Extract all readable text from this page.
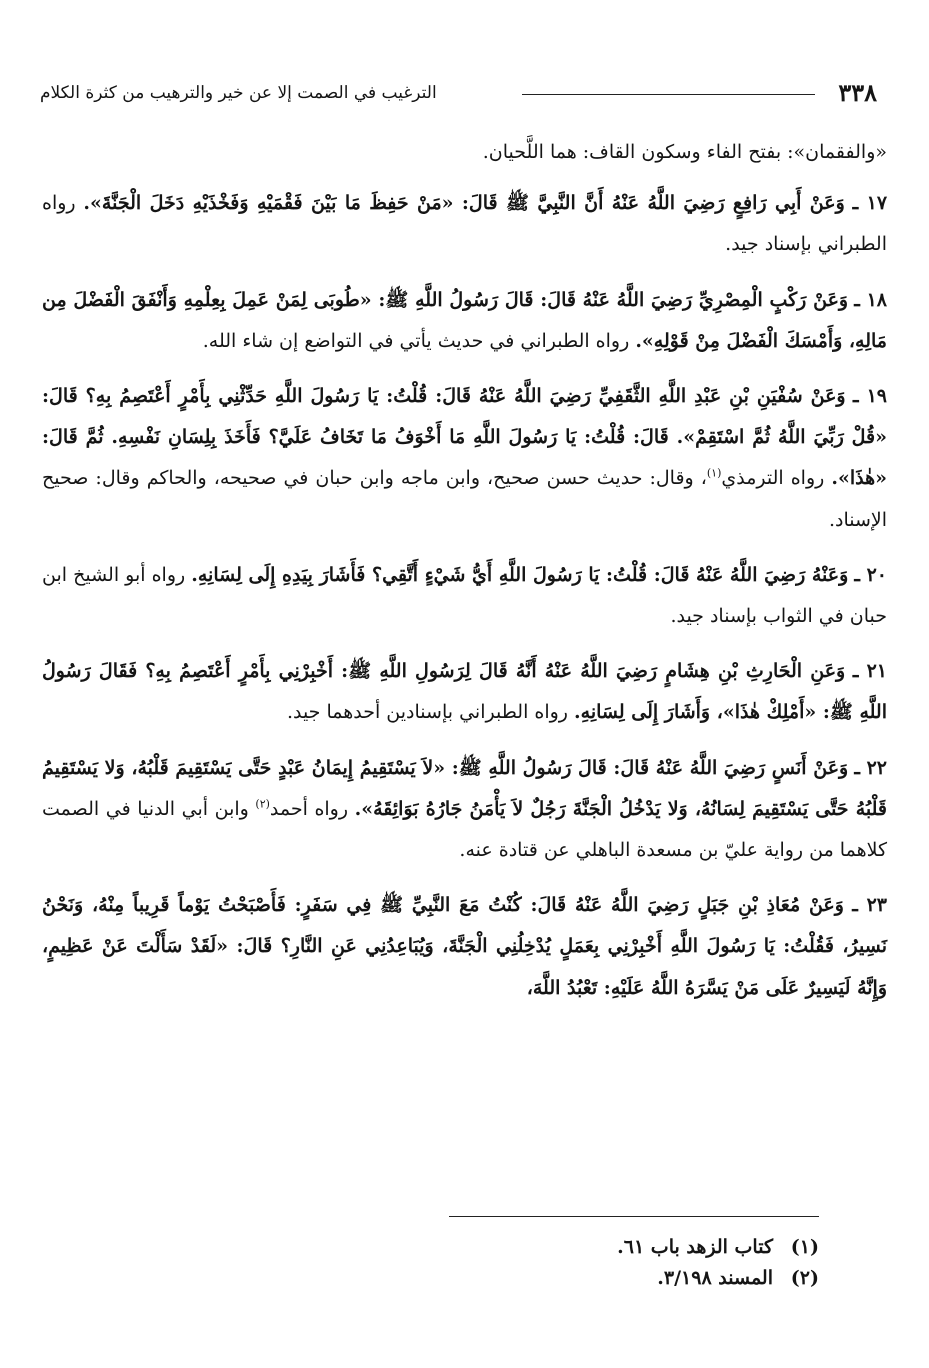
٣٣٨
الترغيب في الصمت إلا عن خير والترهيب من كثرة الكلام

«والفقمان»: بفتح الفاء وسكون القاف: هما اللَّحيان.

١٧ ـ وَعَنْ أَبِي رَافِعٍ رَضِيَ اللَّهُ عَنْهُ أَنَّ النَّبِيَّ ﷺ قَالَ: «مَنْ حَفِظَ مَا بَيْنَ فَقْمَيْهِ وَفَخْذَيْهِ دَخَلَ الْجَنَّةَ». رواه الطبراني بإسناد جيد.

١٨ ـ وَعَنْ رَكْبٍ الْمِصْرِيِّ رَضِيَ اللَّهُ عَنْهُ قَالَ: قَالَ رَسُولُ اللَّهِ ﷺ: «طُوبَى لِمَنْ عَمِلَ بِعِلْمِهِ وَأَنْفَقَ الْفَضْلَ مِن مَالِهِ، وَأَمْسَكَ الْفَضْلَ مِنْ قَوْلِهِ». رواه الطبراني في حديث يأتي في التواضع إن شاء الله.

١٩ ـ وَعَنْ سُفْيَنِ بْنِ عَبْدِ اللَّهِ الثَّقَفِيِّ رَضِيَ اللَّهُ عَنْهُ قَالَ: قُلْتُ: يَا رَسُولَ اللَّهِ حَدِّثْنِي بِأَمْرٍ أَعْتَصِمُ بِهِ؟ قَالَ: «قُلْ رَبِّيَ اللَّهُ ثُمَّ اسْتَقِمْ». قَالَ: قُلْتُ: يَا رَسُولَ اللَّهِ مَا أَخْوَفُ مَا تَخَافُ عَلَيَّ؟ فَأَخَذَ بِلِسَانِ نَفْسِهِ. ثُمَّ قَالَ: «هٰذَا». رواه الترمذي$^{(١)}$، وقال: حديث حسن صحيح، وابن ماجه وابن حبان في صحيحه، والحاكم وقال: صحيح الإسناد.

٢٠ ـ وَعَنْهُ رَضِيَ اللَّهُ عَنْهُ قَالَ: قُلْتُ: يَا رَسُولَ اللَّهِ أَيُّ شَيْءٍ أَتَّقِي؟ فَأَشَارَ بِيَدِهِ إِلَى لِسَانِهِ. رواه أبو الشيخ ابن حبان في الثواب بإسناد جيد.

٢١ ـ وَعَنِ الْحَارِثِ بْنِ هِشَامٍ رَضِيَ اللَّهُ عَنْهُ أَنَّهُ قَالَ لِرَسُولِ اللَّهِ ﷺ: أَخْبِرْنِي بِأَمْرٍ أَعْتَصِمُ بِهِ؟ فَقَالَ رَسُولُ اللَّهِ ﷺ: «أَمْلِكْ هٰذَا»، وَأَشَارَ إِلَى لِسَانِهِ. رواه الطبراني بإسنادين أحدهما جيد.

٢٢ ـ وَعَنْ أَنَسٍ رَضِيَ اللَّهُ عَنْهُ قَالَ: قَالَ رَسُولُ اللَّهِ ﷺ: «لاَ يَسْتَقِيمُ إِيمَانُ عَبْدٍ حَتَّى يَسْتَقِيمَ قَلْبُهُ، وَلا يَسْتَقِيمُ قَلْبُهُ حَتَّى يَسْتَقِيمَ لِسَانُهُ، وَلا يَدْخُلُ الْجَنَّةَ رَجُلٌ لاَ يَأْمَنُ جَارُهُ بَوَائِقَهُ». رواه أحمد$^{(٢)}$ وابن أبي الدنيا في الصمت كلاهما من رواية عليّ بن مسعدة الباهلي عن قتادة عنه.

٢٣ ـ وَعَنْ مُعَاذِ بْنِ جَبَلٍ رَضِيَ اللَّهُ عَنْهُ قَالَ: كُنْتُ مَعَ النَّبِيِّ ﷺ فِي سَفَرٍ: فَأَصْبَحْتُ يَوْماً قَرِيباً مِنْهُ، وَنَحْنُ نَسِيرُ، فَقُلْتُ: يَا رَسُولَ اللَّهِ أَخْبِرْنِي بِعَمَلٍ يُدْخِلُنِي الْجَنَّةَ، وَيُبَاعِدُنِي عَنِ النَّارِ؟ قَالَ: «لَقَدْ سَأَلْتَ عَنْ عَظِيمٍ، وَإِنَّهُ لَيَسِيرٌ عَلَى مَنْ يَسَّرَهُ اللَّهُ عَلَيْهِ: تَعْبُدُ اللَّهَ،

(١)
كتاب الزهد باب ٦١.
(٢)
المسند ٣/١٩٨.
